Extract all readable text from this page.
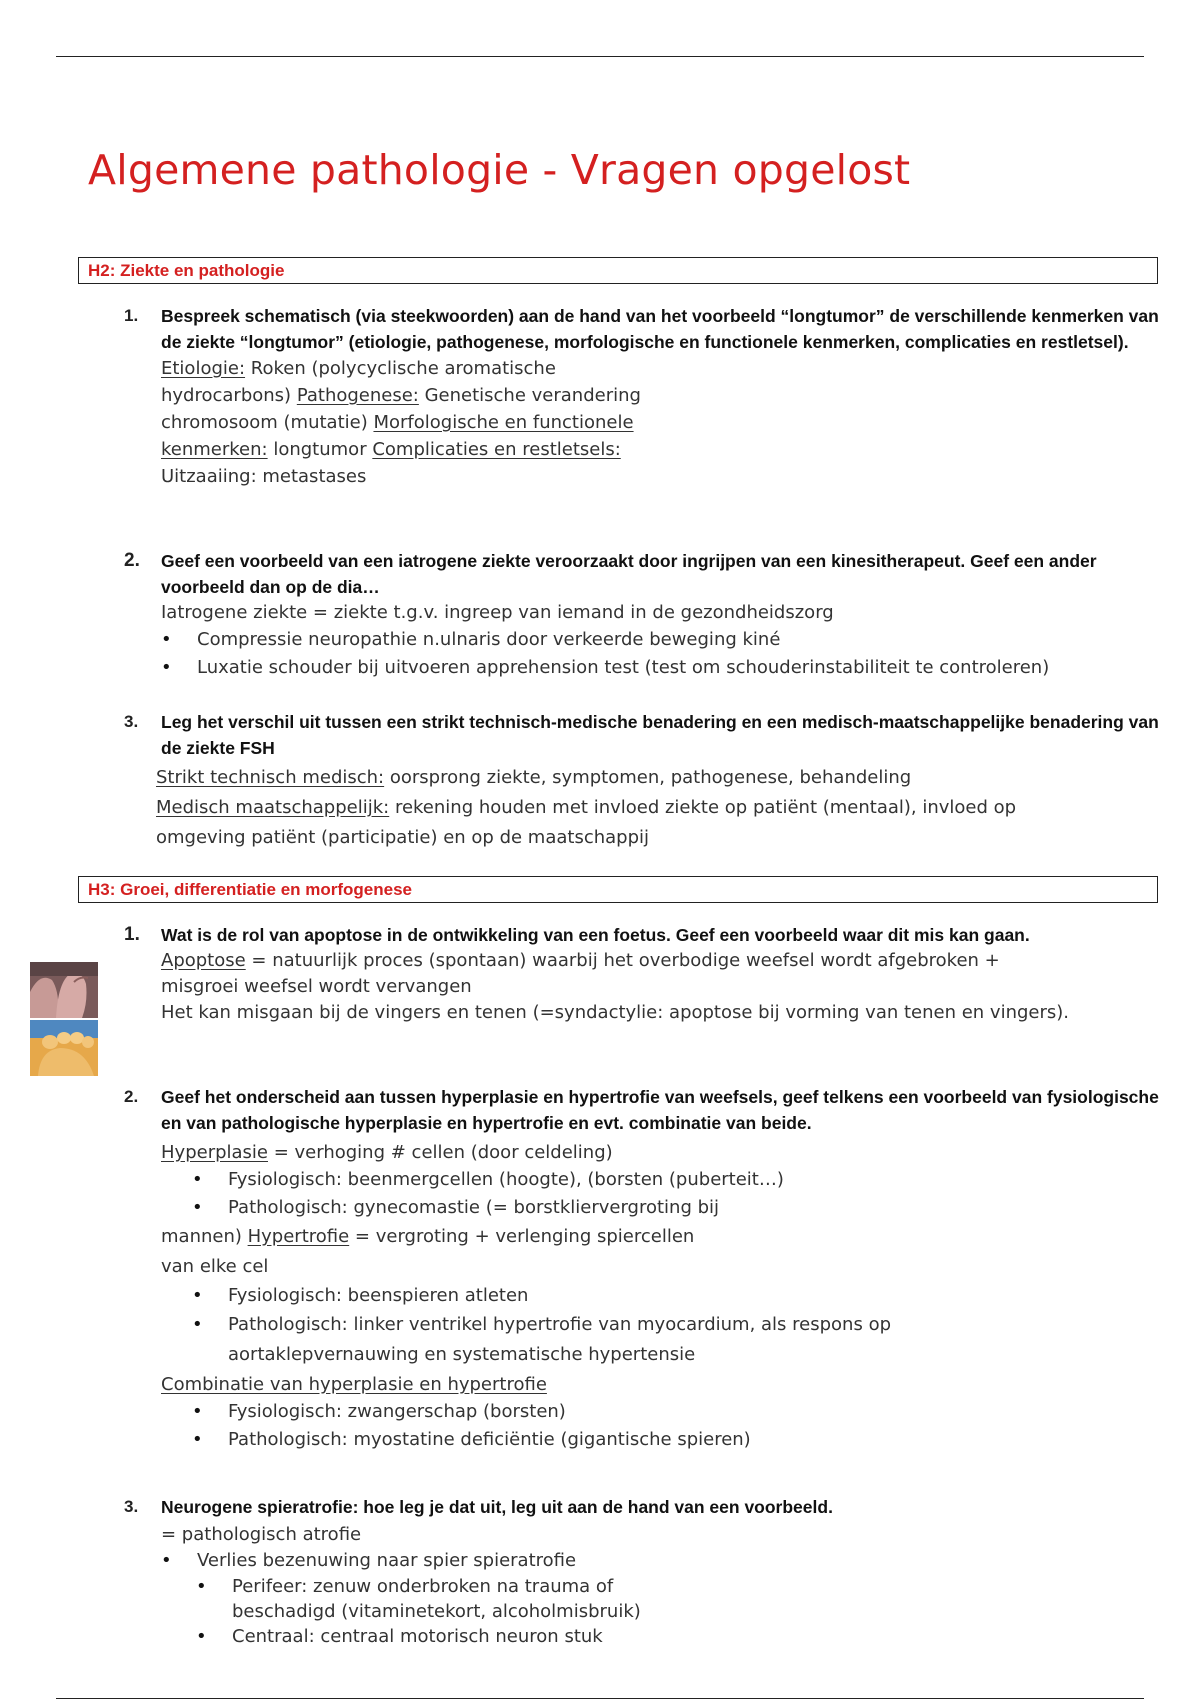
Algemene pathologie - Vragen opgelost
H2: Ziekte en pathologie
1. Bespreek schematisch (via steekwoorden) aan de hand van het voorbeeld “longtumor” de verschillende kenmerken van de ziekte “longtumor” (etiologie, pathogenese, morfologische en functionele kenmerken, complicaties en restletsel).
Etiologie: Roken (polycyclische aromatische
hydrocarbons) Pathogenese: Genetische verandering
chromosoom (mutatie) Morfologische en functionele
kenmerken: longtumor Complicaties en restletsels:
Uitzaaiing: metastases
2. Geef een voorbeeld van een iatrogene ziekte veroorzaakt door ingrijpen van een kinesitherapeut. Geef een ander voorbeeld dan op de dia…
Iatrogene ziekte = ziekte t.g.v. ingreep van iemand in de gezondheidszorg
• Compressie neuropathie n.ulnaris door verkeerde beweging kiné
• Luxatie schouder bij uitvoeren apprehension test (test om schouderinstabiliteit te controleren)
3. Leg het verschil uit tussen een strikt technisch-medische benadering en een medisch-maatschappelijke benadering van de ziekte FSH
Strikt technisch medisch: oorsprong ziekte, symptomen, pathogenese, behandeling
Medisch maatschappelijk: rekening houden met invloed ziekte op patiënt (mentaal), invloed op
omgeving patiënt (participatie) en op de maatschappij
H3: Groei, differentiatie en morfogenese
1. Wat is de rol van apoptose in de ontwikkeling van een foetus. Geef een voorbeeld waar dit mis kan gaan.
Apoptose = natuurlijk proces (spontaan) waarbij het overbodige weefsel wordt afgebroken +
misgroei weefsel wordt vervangen
Het kan misgaan bij de vingers en tenen (=syndactylie: apoptose bij vorming van tenen en vingers).
2. Geef het onderscheid aan tussen hyperplasie en hypertrofie van weefsels, geef telkens een voorbeeld van fysiologische en van pathologische hyperplasie en hypertrofie en evt. combinatie van beide.
Hyperplasie = verhoging # cellen (door celdeling)
• Fysiologisch: beenmergcellen (hoogte), (borsten (puberteit…)
• Pathologisch: gynecomastie (= borstkliervergroting bij
mannen) Hypertrofie = vergroting + verlenging spiercellen
van elke cel
• Fysiologisch: beenspieren atleten
• Pathologisch: linker ventrikel hypertrofie van myocardium, als respons op aortaklepvernauwing en systematische hypertensie
Combinatie van hyperplasie en hypertrofie
• Fysiologisch: zwangerschap (borsten)
• Pathologisch: myostatine deficiëntie (gigantische spieren)
3. Neurogene spieratrofie: hoe leg je dat uit, leg uit aan de hand van een voorbeeld.
= pathologisch atrofie
• Verlies bezenuwing naar spier spieratrofie
• Perifeer: zenuw onderbroken na trauma of beschadigd (vitaminetekort, alcoholmisbruik)
• Centraal: centraal motorisch neuron stuk
